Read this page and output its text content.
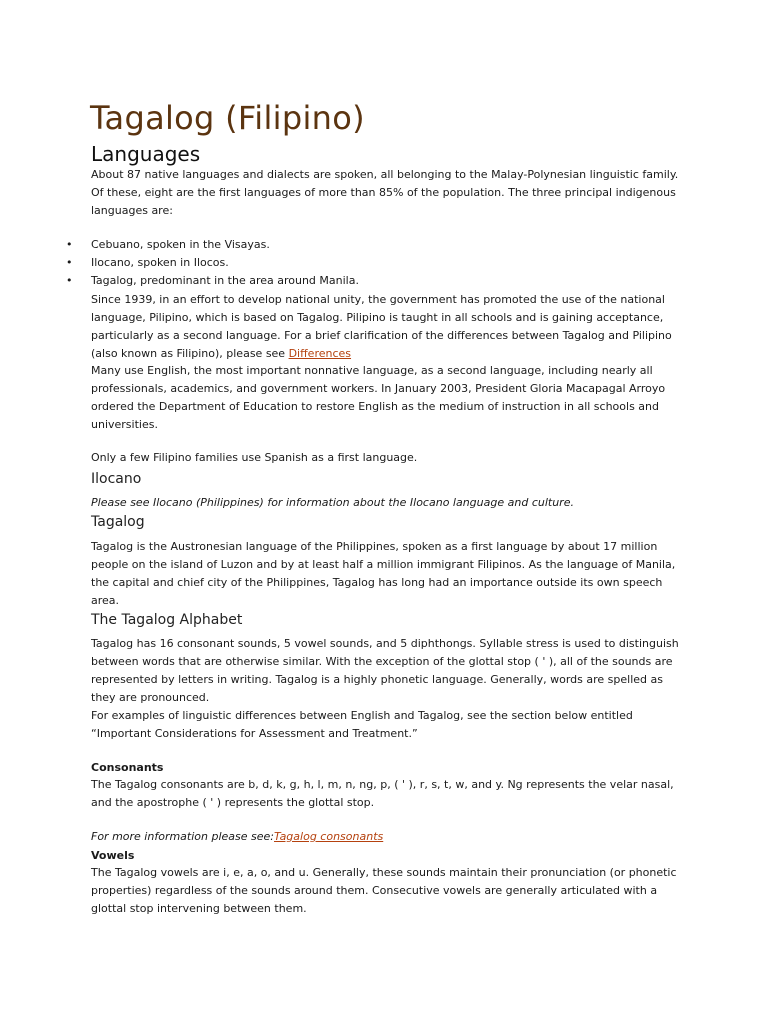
Tagalog (Filipino)
Languages

About 87 native languages and dialects are spoken, all belonging to the Malay-Polynesian linguistic family. Of these, eight are the first languages of more than 85% of the population. The three principal indigenous languages are:

• Cebuano, spoken in the Visayas.
• Ilocano, spoken in Ilocos.
• Tagalog, predominant in the area around Manila.

Since 1939, in an effort to develop national unity, the government has promoted the use of the national language, Pilipino, which is based on Tagalog. Pilipino is taught in all schools and is gaining acceptance, particularly as a second language. For a brief clarification of the differences between Tagalog and Pilipino (also known as Filipino), please see Differences

Many use English, the most important nonnative language, as a second language, including nearly all professionals, academics, and government workers. In January 2003, President Gloria Macapagal Arroyo ordered the Department of Education to restore English as the medium of instruction in all schools and universities.

Only a few Filipino families use Spanish as a first language.

Ilocano

Please see Ilocano (Philippines) for information about the Ilocano language and culture.

Tagalog

Tagalog is the Austronesian language of the Philippines, spoken as a first language by about 17 million people on the island of Luzon and by at least half a million immigrant Filipinos. As the language of Manila, the capital and chief city of the Philippines, Tagalog has long had an importance outside its own speech area.

The Tagalog Alphabet

Tagalog has 16 consonant sounds, 5 vowel sounds, and 5 diphthongs. Syllable stress is used to distinguish between words that are otherwise similar. With the exception of the glottal stop ( ' ), all of the sounds are represented by letters in writing. Tagalog is a highly phonetic language. Generally, words are spelled as they are pronounced.

For examples of linguistic differences between English and Tagalog, see the section below entitled “Important Considerations for Assessment and Treatment.”

Consonants

The Tagalog consonants are b, d, k, g, h, l, m, n, ng, p, ( ' ), r, s, t, w, and y. Ng represents the velar nasal, and the apostrophe ( ' ) represents the glottal stop.

For more information please see:Tagalog consonants

Vowels

The Tagalog vowels are i, e, a, o, and u. Generally, these sounds maintain their pronunciation (or phonetic properties) regardless of the sounds around them. Consecutive vowels are generally articulated with a glottal stop intervening between them.
